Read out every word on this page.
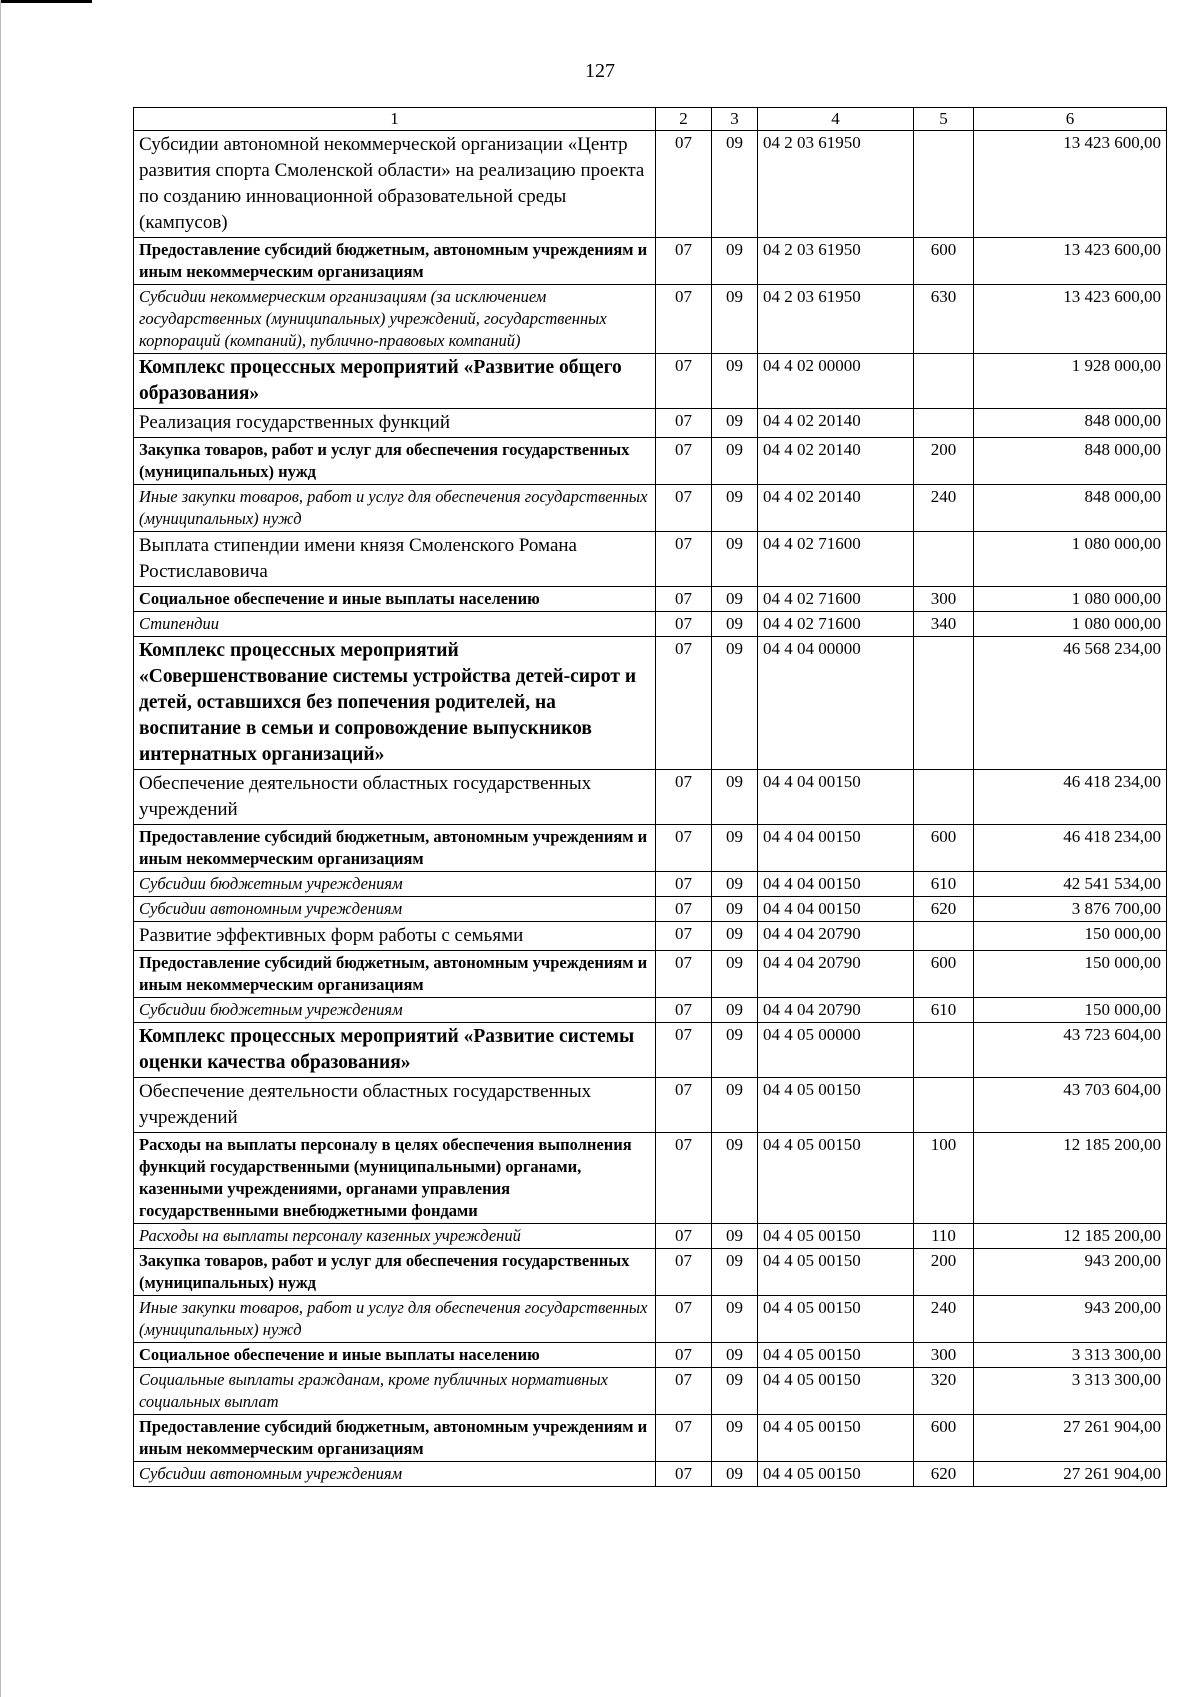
127
1	2	3	4	5	6
Субсидии автономной некоммерческой организации «Центр развития спорта Смоленской области» на реализацию проекта по созданию инновационной образовательной среды (кампусов)	07	09	04 2 03 61950		13 423 600,00
Предоставление субсидий бюджетным, автономным учреждениям и иным некоммерческим организациям	07	09	04 2 03 61950	600	13 423 600,00
Субсидии некоммерческим организациям (за исключением государственных (муниципальных) учреждений, государственных корпораций (компаний), публично-правовых компаний)	07	09	04 2 03 61950	630	13 423 600,00
Комплекс процессных мероприятий «Развитие общего образования»	07	09	04 4 02 00000		1 928 000,00
Реализация государственных функций	07	09	04 4 02 20140		848 000,00
Закупка товаров, работ и услуг для обеспечения государственных (муниципальных) нужд	07	09	04 4 02 20140	200	848 000,00
Иные закупки товаров, работ и услуг для обеспечения государственных (муниципальных) нужд	07	09	04 4 02 20140	240	848 000,00
Выплата стипендии имени князя Смоленского Романа Ростиславовича	07	09	04 4 02 71600		1 080 000,00
Социальное обеспечение и иные выплаты населению	07	09	04 4 02 71600	300	1 080 000,00
Стипендии	07	09	04 4 02 71600	340	1 080 000,00
Комплекс процессных мероприятий «Совершенствование системы устройства детей-сирот и детей, оставшихся без попечения родителей, на воспитание в семьи и сопровождение выпускников интернатных организаций»	07	09	04 4 04 00000		46 568 234,00
Обеспечение деятельности областных государственных учреждений	07	09	04 4 04 00150		46 418 234,00
Предоставление субсидий бюджетным, автономным учреждениям и иным некоммерческим организациям	07	09	04 4 04 00150	600	46 418 234,00
Субсидии бюджетным учреждениям	07	09	04 4 04 00150	610	42 541 534,00
Субсидии автономным учреждениям	07	09	04 4 04 00150	620	3 876 700,00
Развитие эффективных форм работы с семьями	07	09	04 4 04 20790		150 000,00
Предоставление субсидий бюджетным, автономным учреждениям и иным некоммерческим организациям	07	09	04 4 04 20790	600	150 000,00
Субсидии бюджетным учреждениям	07	09	04 4 04 20790	610	150 000,00
Комплекс процессных мероприятий «Развитие системы оценки качества образования»	07	09	04 4 05 00000		43 723 604,00
Обеспечение деятельности областных государственных учреждений	07	09	04 4 05 00150		43 703 604,00
Расходы на выплаты персоналу в целях обеспечения выполнения функций государственными (муниципальными) органами, казенными учреждениями, органами управления государственными внебюджетными фондами	07	09	04 4 05 00150	100	12 185 200,00
Расходы на выплаты персоналу казенных учреждений	07	09	04 4 05 00150	110	12 185 200,00
Закупка товаров, работ и услуг для обеспечения государственных (муниципальных) нужд	07	09	04 4 05 00150	200	943 200,00
Иные закупки товаров, работ и услуг для обеспечения государственных (муниципальных) нужд	07	09	04 4 05 00150	240	943 200,00
Социальное обеспечение и иные выплаты населению	07	09	04 4 05 00150	300	3 313 300,00
Социальные выплаты гражданам, кроме публичных нормативных социальных выплат	07	09	04 4 05 00150	320	3 313 300,00
Предоставление субсидий бюджетным, автономным учреждениям и иным некоммерческим организациям	07	09	04 4 05 00150	600	27 261 904,00
Субсидии автономным учреждениям	07	09	04 4 05 00150	620	27 261 904,00
